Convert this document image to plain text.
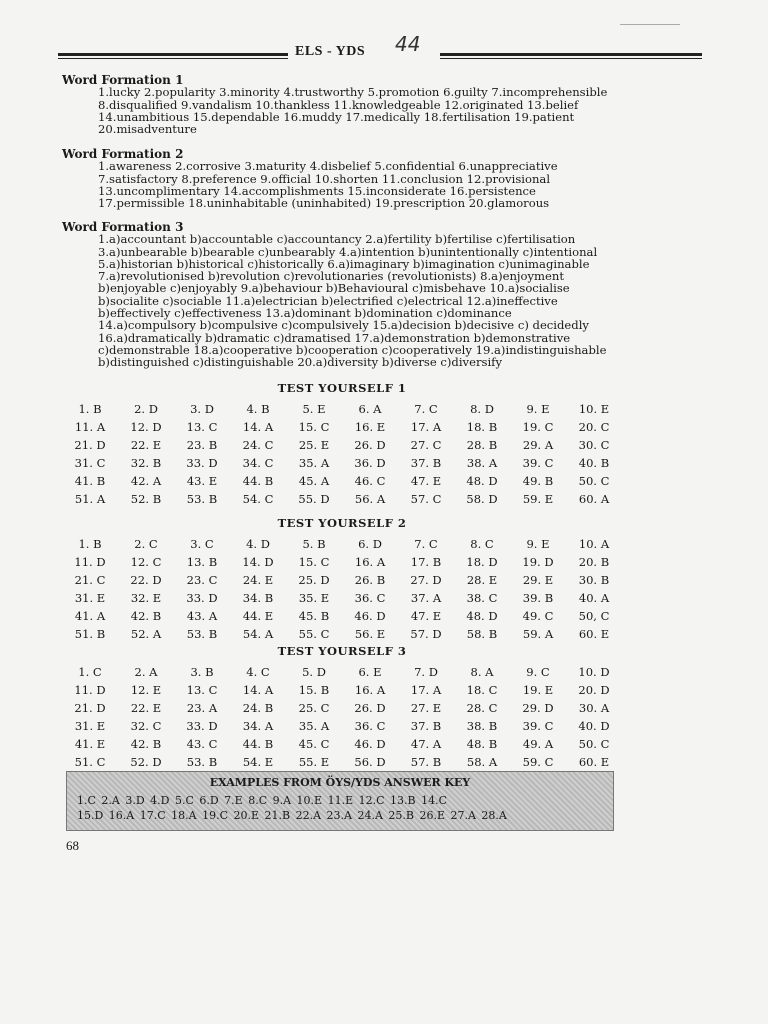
ELS - YDS 44
Word Formation 1

1.lucky 2.popularity 3.minority 4.trustworthy 5.promotion 6.guilty 7.incomprehensible

8.disqualified 9.vandalism 10.thankless 11.knowledgeable 12.originated 13.belief

14.unambitious 15.dependable 16.muddy 17.medically 18.fertilisation 19.patient

20.misadventure

Word Formation 2

1.awareness 2.corrosive 3.maturity 4.disbelief 5.confidential 6.unappreciative

7.satisfactory 8.preference 9.official 10.shorten 11.conclusion 12.provisional

13.uncomplimentary 14.accomplishments 15.inconsiderate 16.persistence

17.permissible 18.uninhabitable (uninhabited) 19.prescription 20.glamorous

Word Formation 3

1.a)accountant b)accountable c)accountancy 2.a)fertility b)fertilise c)fertilisation

3.a)unbearable b)bearable c)unbearably 4.a)intention b)unintentionally c)intentional

5.a)historian b)historical c)historically 6.a)imaginary b)imagination c)unimaginable

7.a)revolutionised b)revolution c)revolutionaries (revolutionists) 8.a)enjoyment

b)enjoyable c)enjoyably 9.a)behaviour b)Behavioural c)misbehave 10.a)socialise

b)socialite c)sociable 11.a)electrician b)electrified c)electrical 12.a)ineffective

b)effectively c)effectiveness 13.a)dominant b)domination c)dominance

14.a)compulsory b)compulsive c)compulsively 15.a)decision b)decisive c) decidedly

16.a)dramatically b)dramatic c)dramatised 17.a)demonstration b)demonstrative

c)demonstrable 18.a)cooperative b)cooperation c)cooperatively 19.a)indistinguishable

b)distinguished c)distinguishable 20.a)diversity b)diverse c)diversify

TEST YOURSELF 1
1. B	2. D	3. D	4. B	5. E	6. A	7. C	8. D	9. E	10. E
11. A	12. D	13. C	14. A	15. C	16. E	17. A	18. B	19. C	20. C
21. D	22. E	23. B	24. C	25. E	26. D	27. C	28. B	29. A	30. C
31. C	32. B	33. D	34. C	35. A	36. D	37. B	38. A	39. C	40. B
41. B	42. A	43. E	44. B	45. A	46. C	47. E	48. D	49. B	50. C
51. A	52. B	53. B	54. C	55. D	56. A	57. C	58. D	59. E	60. A
TEST YOURSELF 2
1. B	2. C	3. C	4. D	5. B	6. D	7. C	8. C	9. E	10. A
11. D	12. C	13. B	14. D	15. C	16. A	17. B	18. D	19. D	20. B
21. C	22. D	23. C	24. E	25. D	26. B	27. D	28. E	29. E	30. B
31. E	32. E	33. D	34. B	35. E	36. C	37. A	38. C	39. B	40. A
41. A	42. B	43. A	44. E	45. B	46. D	47. E	48. D	49. C	50, C
51. B	52. A	53. B	54. A	55. C	56. E	57. D	58. B	59. A	60. E
TEST YOURSELF 3
1. C	2. A	3. B	4. C	5. D	6. E	7. D	8. A	9. C	10. D
11. D	12. E	13. C	14. A	15. B	16. A	17. A	18. C	19. E	20. D
21. D	22. E	23. A	24. B	25. C	26. D	27. E	28. C	29. D	30. A
31. E	32. C	33. D	34. A	35. A	36. C	37. B	38. B	39. C	40. D
41. E	42. B	43. C	44. B	45. C	46. D	47. A	48. B	49. A	50. C
51. C	52. D	53. B	54. E	55. E	56. D	57. B	58. A	59. C	60. E
EXAMPLES FROM ÖYS/YDS ANSWER KEY
1.C 2.A 3.D 4.D 5.C 6.D 7.E 8.C 9.A 10.E 11.E 12.C 13.B 14.C
15.D 16.A 17.C 18.A 19.C 20.E 21.B 22.A 23.A 24.A 25.B 26.E 27.A 28.A
68
